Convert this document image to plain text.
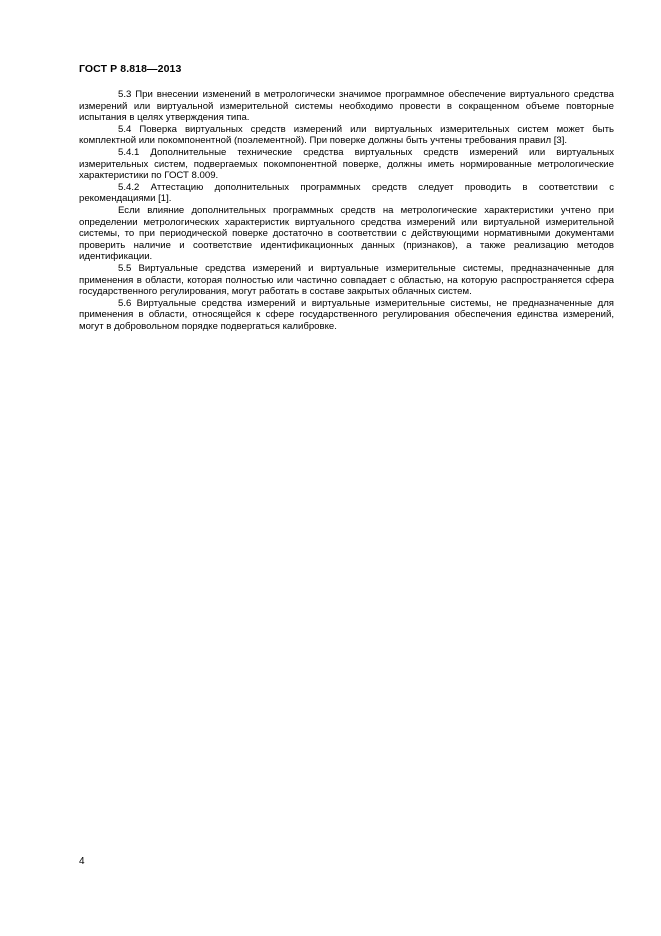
ГОСТ Р 8.818—2013

5.3 При внесении изменений в метрологически значимое программное обеспечение виртуального средства измерений или виртуальной измерительной системы необходимо провести в сокращенном объеме повторные испытания в целях утверждения типа.

5.4 Поверка виртуальных средств измерений или виртуальных измерительных систем может быть комплектной или покомпонентной (поэлементной). При поверке должны быть учтены требования правил [3].

5.4.1 Дополнительные технические средства виртуальных средств измерений или виртуальных измерительных систем, подвергаемых покомпонентной поверке, должны иметь нормированные метрологические характеристики по ГОСТ 8.009.

5.4.2 Аттестацию дополнительных программных средств следует проводить в соответствии с рекомендациями [1].

Если влияние дополнительных программных средств на метрологические характеристики учтено при определении метрологических характеристик виртуального средства измерений или виртуальной измерительной системы, то при периодической поверке достаточно в соответствии с действующими нормативными документами проверить наличие и соответствие идентификационных данных (признаков), а также реализацию методов идентификации.

5.5 Виртуальные средства измерений и виртуальные измерительные системы, предназначенные для применения в области, которая полностью или частично совпадает с областью, на которую распространяется сфера государственного регулирования, могут работать в составе закрытых облачных систем.

5.6 Виртуальные средства измерений и виртуальные измерительные системы, не предназначенные для применения в области, относящейся к сфере государственного регулирования обеспечения единства измерений, могут в добровольном порядке подвергаться калибровке.

4
